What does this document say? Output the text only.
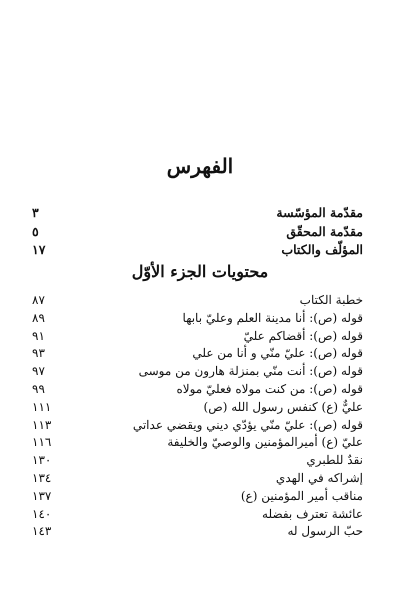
الفهرس
مقدّمة المؤسّسة
٣
مقدّمة المحقّق
٥
المؤلّف والكتاب
١٧
محتويات الجزء الأوّل
خطبة الكتاب
٨٧
قوله (ص): أنا مدينة العلم وعليّ بابها
٨٩
قوله (ص): أقضاكم عليّ
٩١
قوله (ص): عليّ منّي و أنا من علي
٩٣
قوله (ص): أنت منّي بمنزلة هارون من موسى
٩٧
قوله (ص): من كنت مولاه فعليّ مولاه
٩٩
عليٌّ (ع) كنفس رسول الله (ص)
١١١
قوله (ص): عليّ منّي يؤدّي ديني ويقضي عداتي
١١٣
عليّ (ع) أميرالمؤمنين والوصيّ والخليفة
١١٦
نقدٌ للطبري
١٣٠
إشراكه في الهدي
١٣٤
مناقب أمير المؤمنين (ع)
١٣٧
عائشة تعترف بفضله
١٤٠
حبّ الرسول له
١٤٣
